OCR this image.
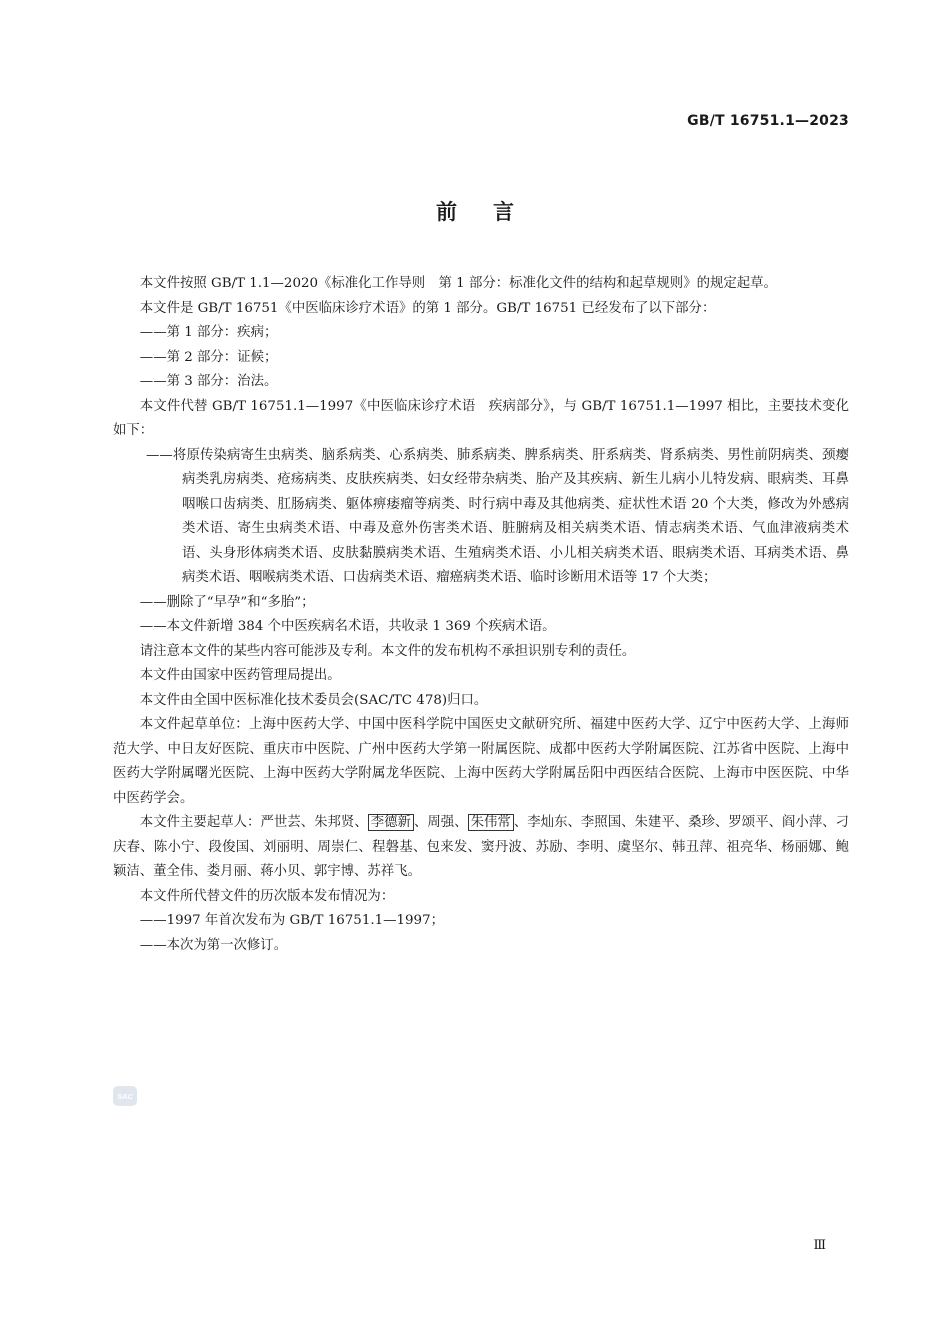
GB/T 16751.1—2023
前言

本文件按照 GB/T 1.1—2020《标准化工作导则　第 1 部分：标准化文件的结构和起草规则》的规定起草。

本文件是 GB/T 16751《中医临床诊疗术语》的第 1 部分。GB/T 16751 已经发布了以下部分：

——第 1 部分：疾病；

——第 2 部分：证候；

——第 3 部分：治法。

本文件代替 GB/T 16751.1—1997《中医临床诊疗术语　疾病部分》，与 GB/T 16751.1—1997 相比，主要技术变化如下：

——将原传染病寄生虫病类、脑系病类、心系病类、肺系病类、脾系病类、肝系病类、肾系病类、男性前阴病类、颈瘿病类乳房病类、疮疡病类、皮肤疾病类、妇女经带杂病类、胎产及其疾病、新生儿病小儿特发病、眼病类、耳鼻咽喉口齿病类、肛肠病类、躯体痹痿瘤等病类、时行病中毒及其他病类、症状性术语 20 个大类，修改为外感病类术语、寄生虫病类术语、中毒及意外伤害类术语、脏腑病及相关病类术语、情志病类术语、气血津液病类术语、头身形体病类术语、皮肤黏膜病类术语、生殖病类术语、小儿相关病类术语、眼病类术语、耳病类术语、鼻病类术语、咽喉病类术语、口齿病类术语、瘤癌病类术语、临时诊断用术语等 17 个大类；

——删除了“早孕”和“多胎”；

——本文件新增 384 个中医疾病名术语，共收录 1 369 个疾病术语。

请注意本文件的某些内容可能涉及专利。本文件的发布机构不承担识别专利的责任。

本文件由国家中医药管理局提出。

本文件由全国中医标准化技术委员会(SAC/TC 478)归口。

本文件起草单位：上海中医药大学、中国中医科学院中国医史文献研究所、福建中医药大学、辽宁中医药大学、上海师范大学、中日友好医院、重庆市中医院、广州中医药大学第一附属医院、成都中医药大学附属医院、江苏省中医院、上海中医药大学附属曙光医院、上海中医药大学附属龙华医院、上海中医药大学附属岳阳中西医结合医院、上海市中医医院、中华中医药学会。

本文件主要起草人：严世芸、朱邦贤、 李德新 、周强、 朱伟常 、李灿东、李照国、朱建平、桑珍、罗颂平、阎小萍、刁庆春、陈小宁、段俊国、刘丽明、周崇仁、程磐基、包来发、窦丹波、苏励、李明、虞坚尔、韩丑萍、祖亮华、杨丽娜、鲍颖洁、董全伟、娄月丽、蒋小贝、郭宇博、苏祥飞。

本文件所代替文件的历次版本发布情况为：

——1997 年首次发布为 GB/T 16751.1—1997；

——本次为第一次修订。

SAC
Ⅲ
